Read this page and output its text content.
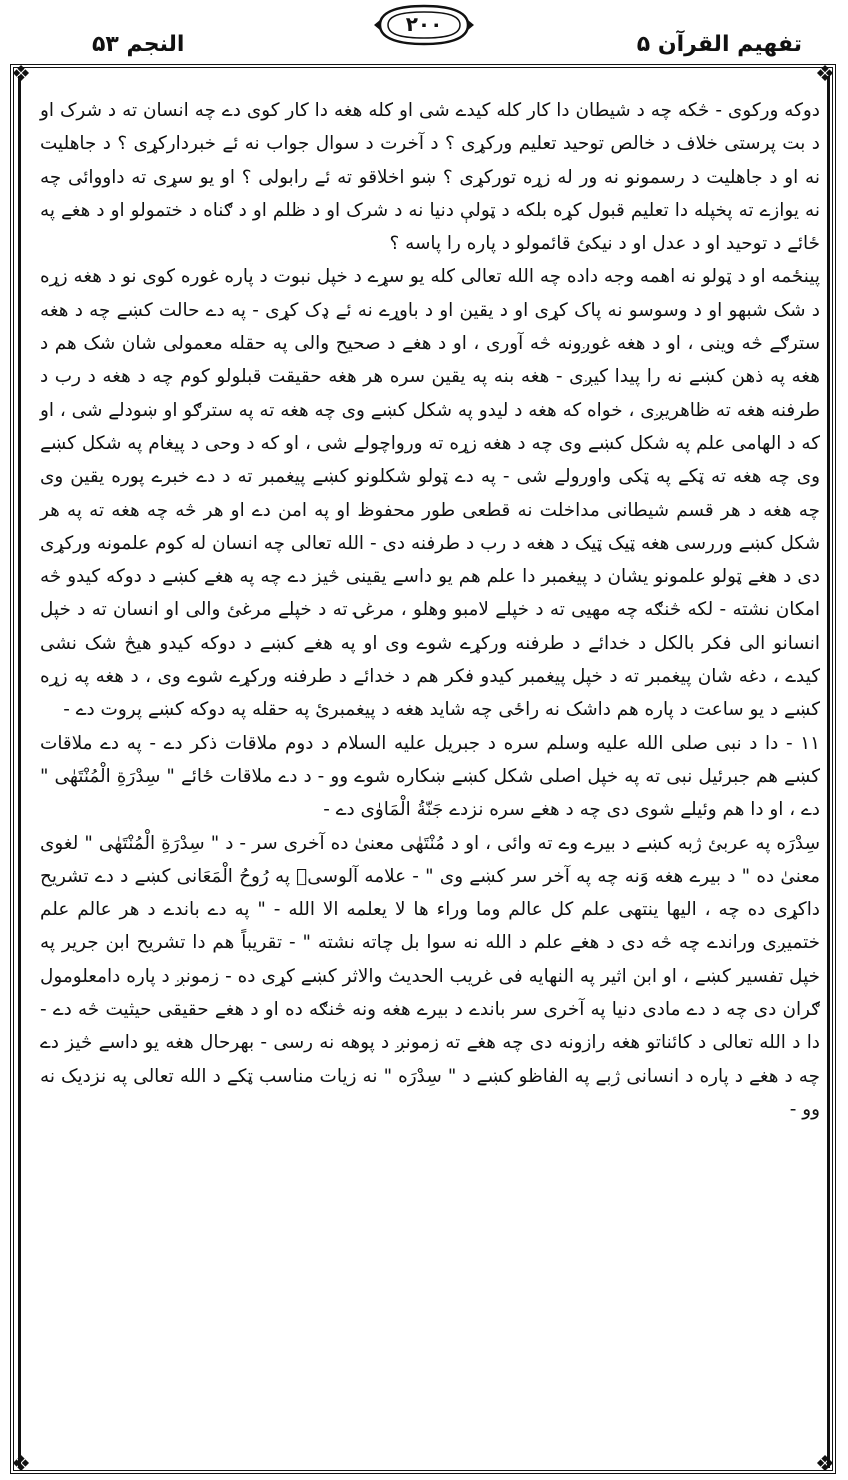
النجم ۵۳
٢٠٠
تفهيم القرآن ۵
❖	❖
❖	❖

دوكه وركوی - څكه چه د شيطان دا كار كله كيدے شی او كله هغه دا كار كوی دے چه انسان ته د شرک او د بت پرستی خلاف د خالص توحيد تعليم وركړی ؟ د آخرت د سوال جواب نه ئے خبرداركړی ؟ د جاهليت نه او د جاهليت د رسمونو نه ور له زړه توركړی ؟ ښو اخلاقو ته ئے رابولی ؟ او يو سړی ته داووائی چه نه يوازے ته پخپله دا تعليم قبول كړه بلكه د ټولې دنيا نه د شرک او د ظلم او د ګناه د ختمولو او د هغے په ځائے د توحيد او د عدل او د نيكئ قائمولو د پاره را پاسه ؟

پينځمه او د ټولو نه اهمه وجه داده چه الله تعالی كله يو سړے د خپل نبوت د پاره غوره كوی نو د هغه زړه د شک شبهو او د وسوسو نه پاک كړی او د يقين او د باوړے نه ئے ډک كړی - په دے حالت كښے چه د هغه سترګے څه وينی ، او د هغه غوږونه څه آوری ، او د هغے د صحيح والی په حقله معمولی شان شک هم د هغه په ذهن كښے نه را پيدا كيږی - هغه بنه په يقين سره هر هغه حقيقت قبلولو كوم چه د هغه د رب د طرفنه هغه ته ظاهريږی ، خواه كه هغه د ليدو په شكل كښے وی چه هغه ته په سترګو او ښودلے شی ، او كه د الهامی علم په شكل كښے وی چه د هغه زړه ته ورواچولے شی ، او كه د وحی د پيغام په شكل كښے وی چه هغه ته ټكے په ټكی واورولے شی - په دے ټولو شكلونو كښے پيغمبر ته د دے خبرے پوره يقين وی چه هغه د هر قسم شيطانی مداخلت نه قطعی طور محفوظ او په امن دے او هر څه چه هغه ته په هر شكل كښے وررسی هغه ټيک ټيک د هغه د رب د طرفنه دی - الله تعالی چه انسان له كوم علمونه وركړی دی د هغے ټولو علمونو يشان د پيغمبر دا علم هم يو داسے يقينی څيز دے چه په هغے كښے د دوكه كيدو څه امكان نشته - لكه څنګه چه مهيی ته د خپلے لامبو وهلو ، مرغۍ ته د خپلے مرغئ والی او انسان ته د خپل انسانو الی فكر بالكل د خدائے د طرفنه وركړے شوے وی او په هغے كښے د دوكه كيدو هيڅ شک نشی كيدے ، دغه شان پيغمبر ته د خپل پيغمبر كيدو فكر هم د خدائے د طرفنه وركړے شوے وی ، د هغه په زړه كښے د يو ساعت د پاره هم داشک نه راځی چه شايد هغه د پيغمبرئ په حقله په دوكه كښے پروت دے -

۱۱ - دا د نبی صلی الله عليه وسلم سره د جبريل عليه السلام د دوم ملاقات ذكر دے - په دے ملاقات كښے هم جبرئيل نبی ته په خپل اصلی شكل كښے ښكاره شوے وو - د دے ملاقات ځائے " سِدْرَةِ الْمُنْتَهٰى " دے ، او دا هم وئيلے شوی دی چه د هغے سره نزدے جَنّةُ الْمَاوٰى دے -

سِدْرَه په عربئ ژبه كښے د بيرے وے ته وائی ، او د مُنْتَهٰى معنیٰ ده آخری سر - د " سِدْرَةِ الْمُنْتَهٰى " لغوی معنیٰ ده " د بيرے هغه وَنه چه په آخر سر كښے وی " - علامه آلوسیؒ په رُوحُ الْمَعَانی كښے د دے تشريح داكړی ده چه ، اليها ينتهی علم كل عالم وما وراء ها لا يعلمه الا الله - " په دے باندے د هر عالم علم ختميږی وراندے چه څه دی د هغے علم د الله نه سوا بل چاته نشته " - تقريباً هم دا تشريح ابن جرير په خپل تفسير كښے ، او ابن اثير په النهايه فی غريب الحديث والاثر كښے كړی ده - زمونږ د پاره دامعلومول ګران دی چه د دے مادی دنيا په آخری سر باندے د بيرے هغه ونه څنګه ده او د هغے حقيقی حيثيت څه دے - دا د الله تعالی د كائناتو هغه رازونه دی چه هغے ته زمونږ د پوهه نه رسی - بهرحال هغه يو داسے څيز دے چه د هغے د پاره د انسانی ژبے په الفاظو كښے د " سِدْرَه " نه زيات مناسب ټكے د الله تعالی په نزديک نه وو -
